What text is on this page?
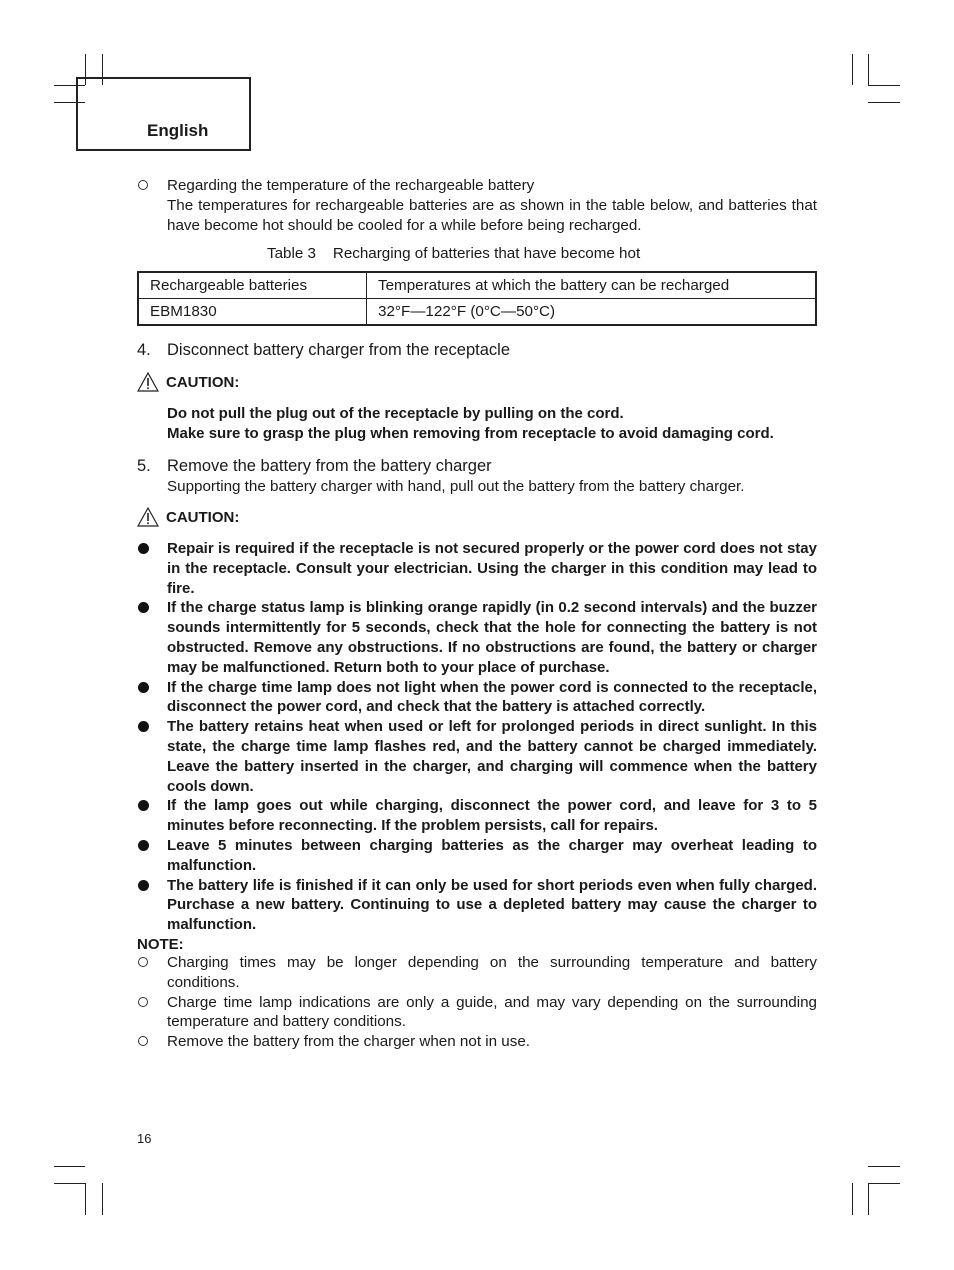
English
Regarding the temperature of the rechargeable battery
The temperatures for rechargeable batteries are as shown in the table below, and batteries that have become hot should be cooled for a while before being recharged.
Table 3    Recharging of batteries that have become hot
Rechargeable batteries	Temperatures at which the battery can be recharged
EBM1830	32°F—122°F (0°C—50°C)
4. Disconnect battery charger from the receptacle
CAUTION:
Do not pull the plug out of the receptacle by pulling on the cord.
Make sure to grasp the plug when removing from receptacle to avoid damaging cord.
5. Remove the battery from the battery charger
Supporting the battery charger with hand, pull out the battery from the battery charger.
CAUTION:
Repair is required if the receptacle is not secured properly or the power cord does not stay in the receptacle. Consult your electrician. Using the charger in this condition may lead to fire.
If the charge status lamp is blinking orange rapidly (in 0.2 second intervals) and the buzzer sounds intermittently for 5 seconds, check that the hole for connecting the battery is not obstructed. Remove any obstructions. If no obstructions are found, the battery or charger may be malfunctioned. Return both to your place of purchase.
If the charge time lamp does not light when the power cord is connected to the receptacle, disconnect the power cord, and check that the battery is attached correctly.
The battery retains heat when used or left for prolonged periods in direct sunlight. In this state, the charge time lamp flashes red, and the battery cannot be charged immediately. Leave the battery inserted in the charger, and charging will commence when the battery cools down.
If the lamp goes out while charging, disconnect the power cord, and leave for 3 to 5 minutes before reconnecting. If the problem persists, call for repairs.
Leave 5 minutes between charging batteries as the charger may overheat leading to malfunction.
The battery life is finished if it can only be used for short periods even when fully charged. Purchase a new battery. Continuing to use a depleted battery may cause the charger to malfunction.
NOTE:
Charging times may be longer depending on the surrounding temperature and battery conditions.
Charge time lamp indications are only a guide, and may vary depending on the surrounding temperature and battery conditions.
Remove the battery from the charger when not in use.
16
